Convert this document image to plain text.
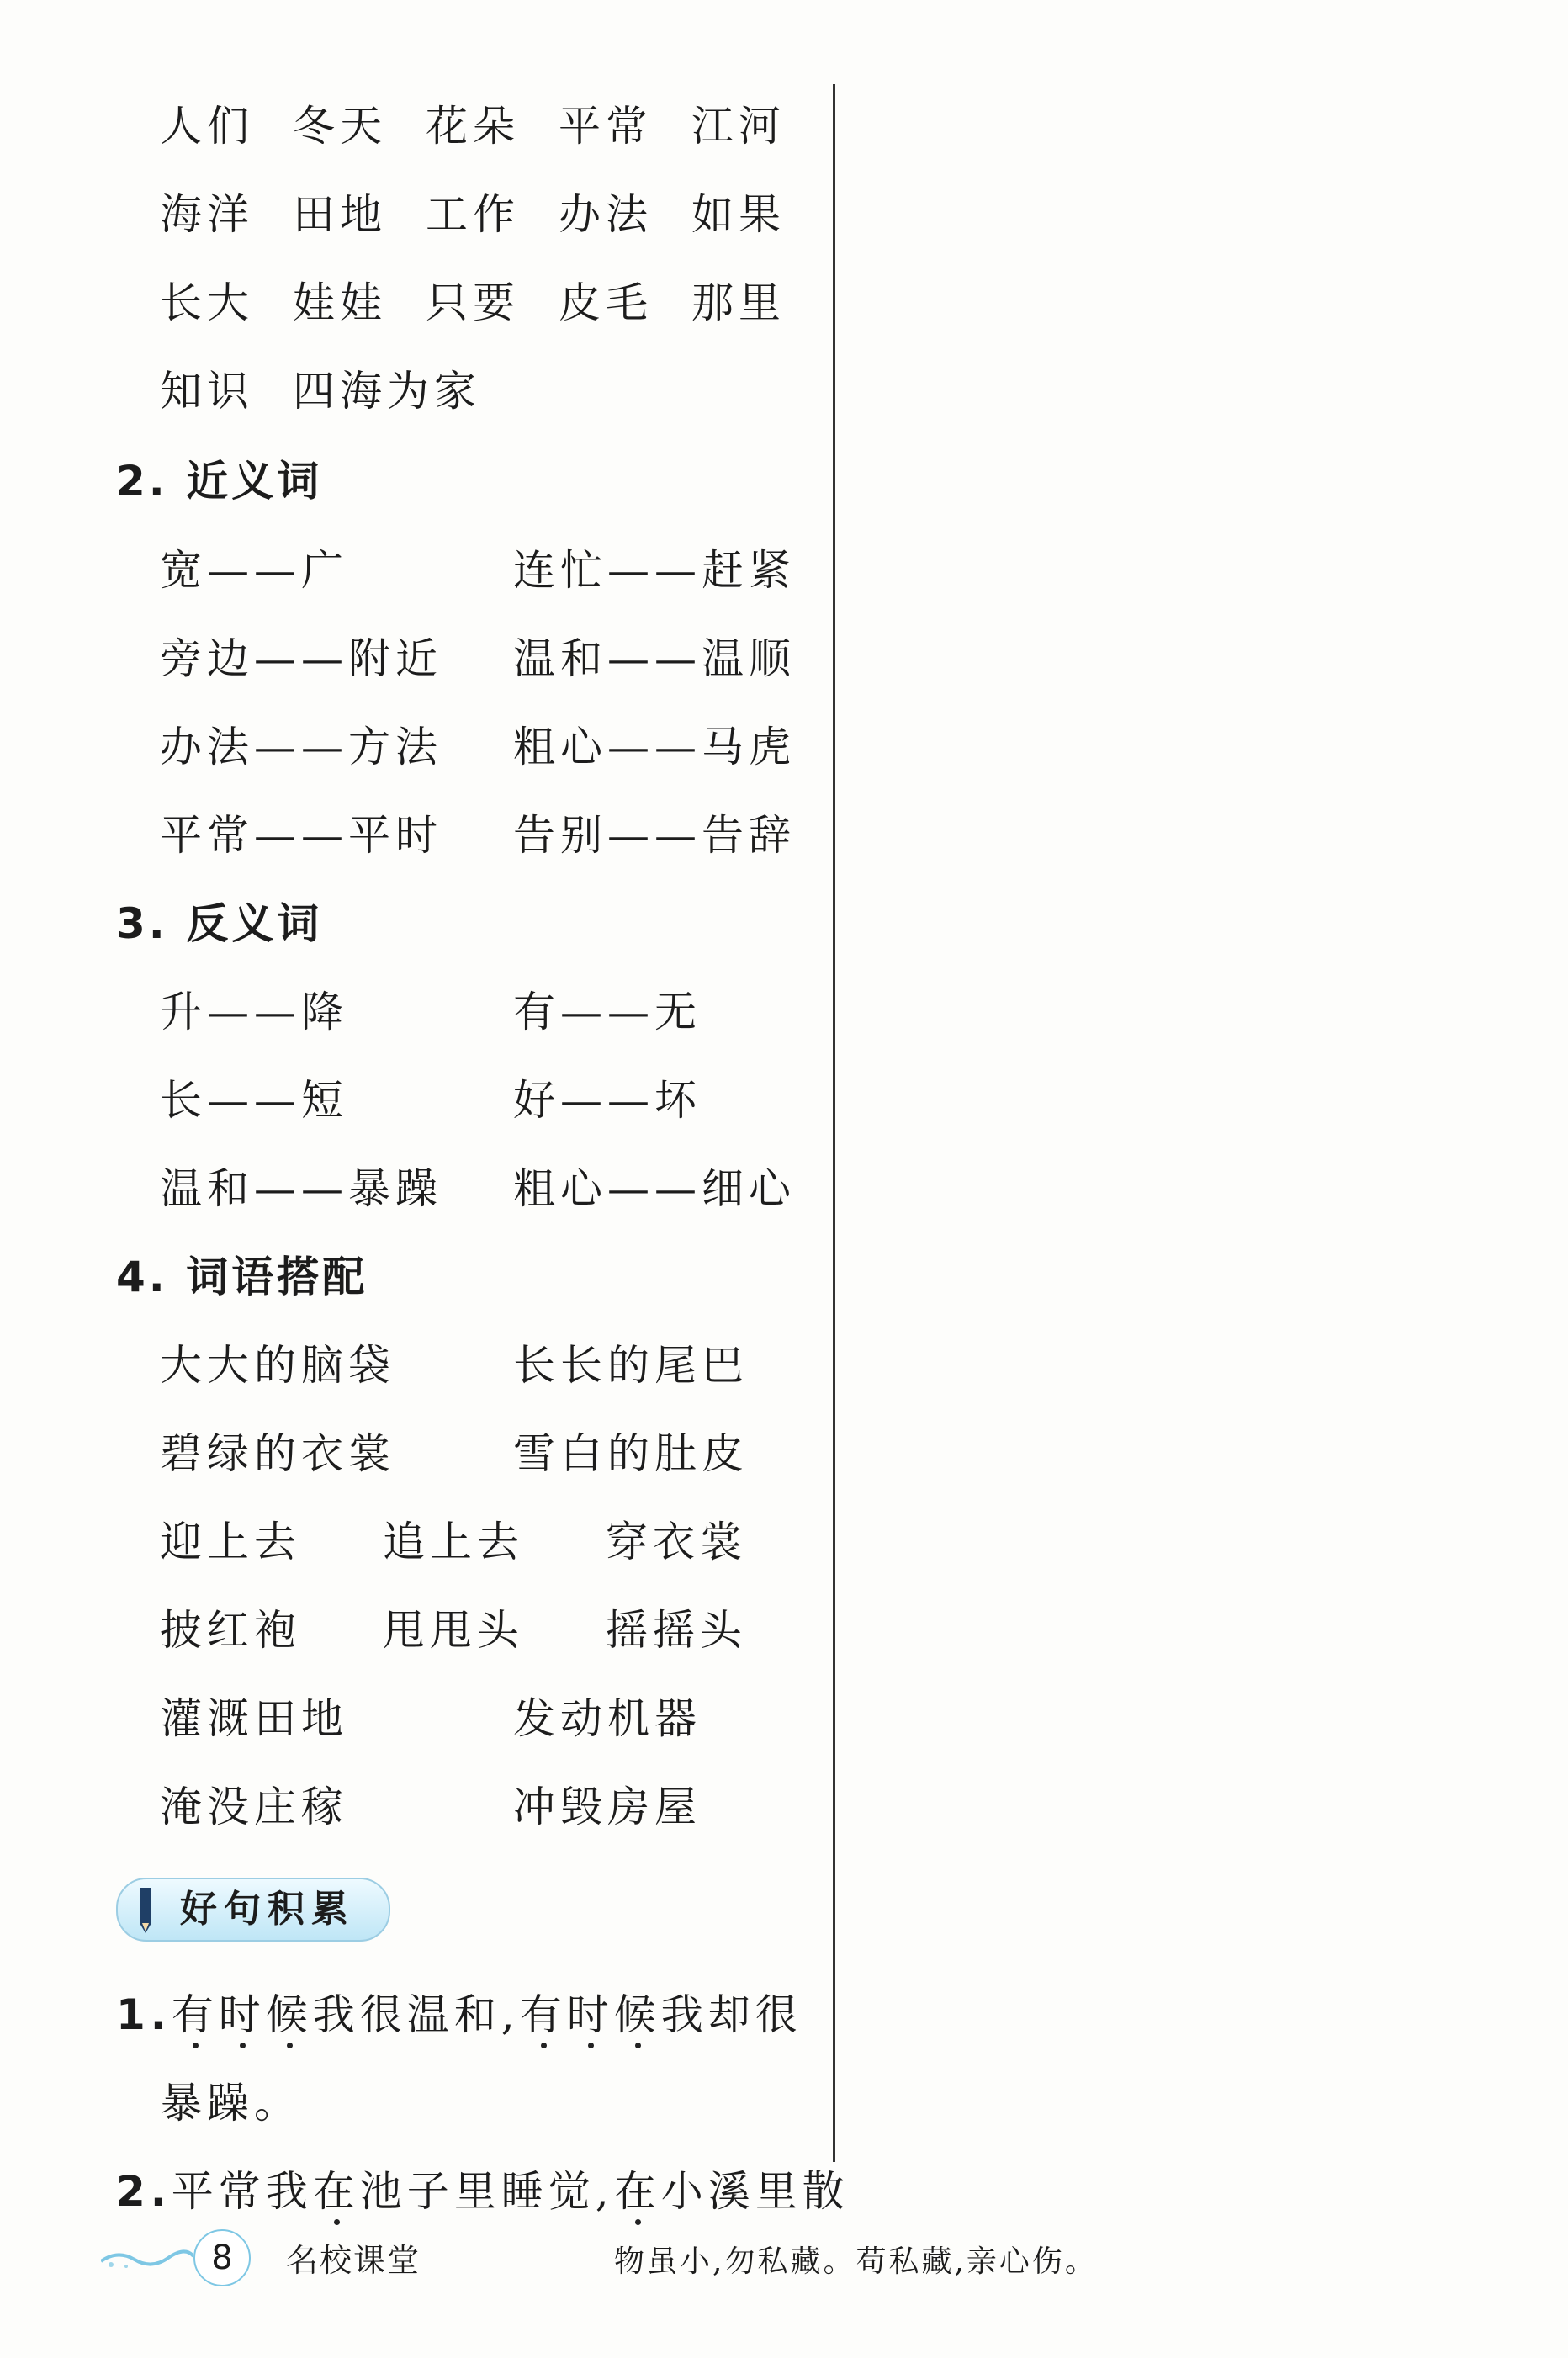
人们 冬天 花朵 平常 江河
海洋 田地 工作 办法 如果
长大 娃娃 只要 皮毛 那里
知识 四海为家
2. 近义词
宽——广	连忙——赶紧
旁边——附近 温和——温顺
办法——方法 粗心——马虎
平常——平时 告别——告辞
3. 反义词
升——降	有——无
长——短	好——坏
温和——暴躁 粗心——细心
4. 词语搭配
大大的脑袋	长长的尾巴
碧绿的衣裳	雪白的肚皮
迎上去 追上去 穿衣裳
披红袍 甩甩头 摇摇头
灌溉田地	发动机器
淹没庄稼	冲毁房屋
好句积累
1.有时候我很温和,有时候我却很
暴躁。
2.平常我在池子里睡觉,在小溪里散
8	名校课堂	物虽小,勿私藏。苟私藏,亲心伤。
